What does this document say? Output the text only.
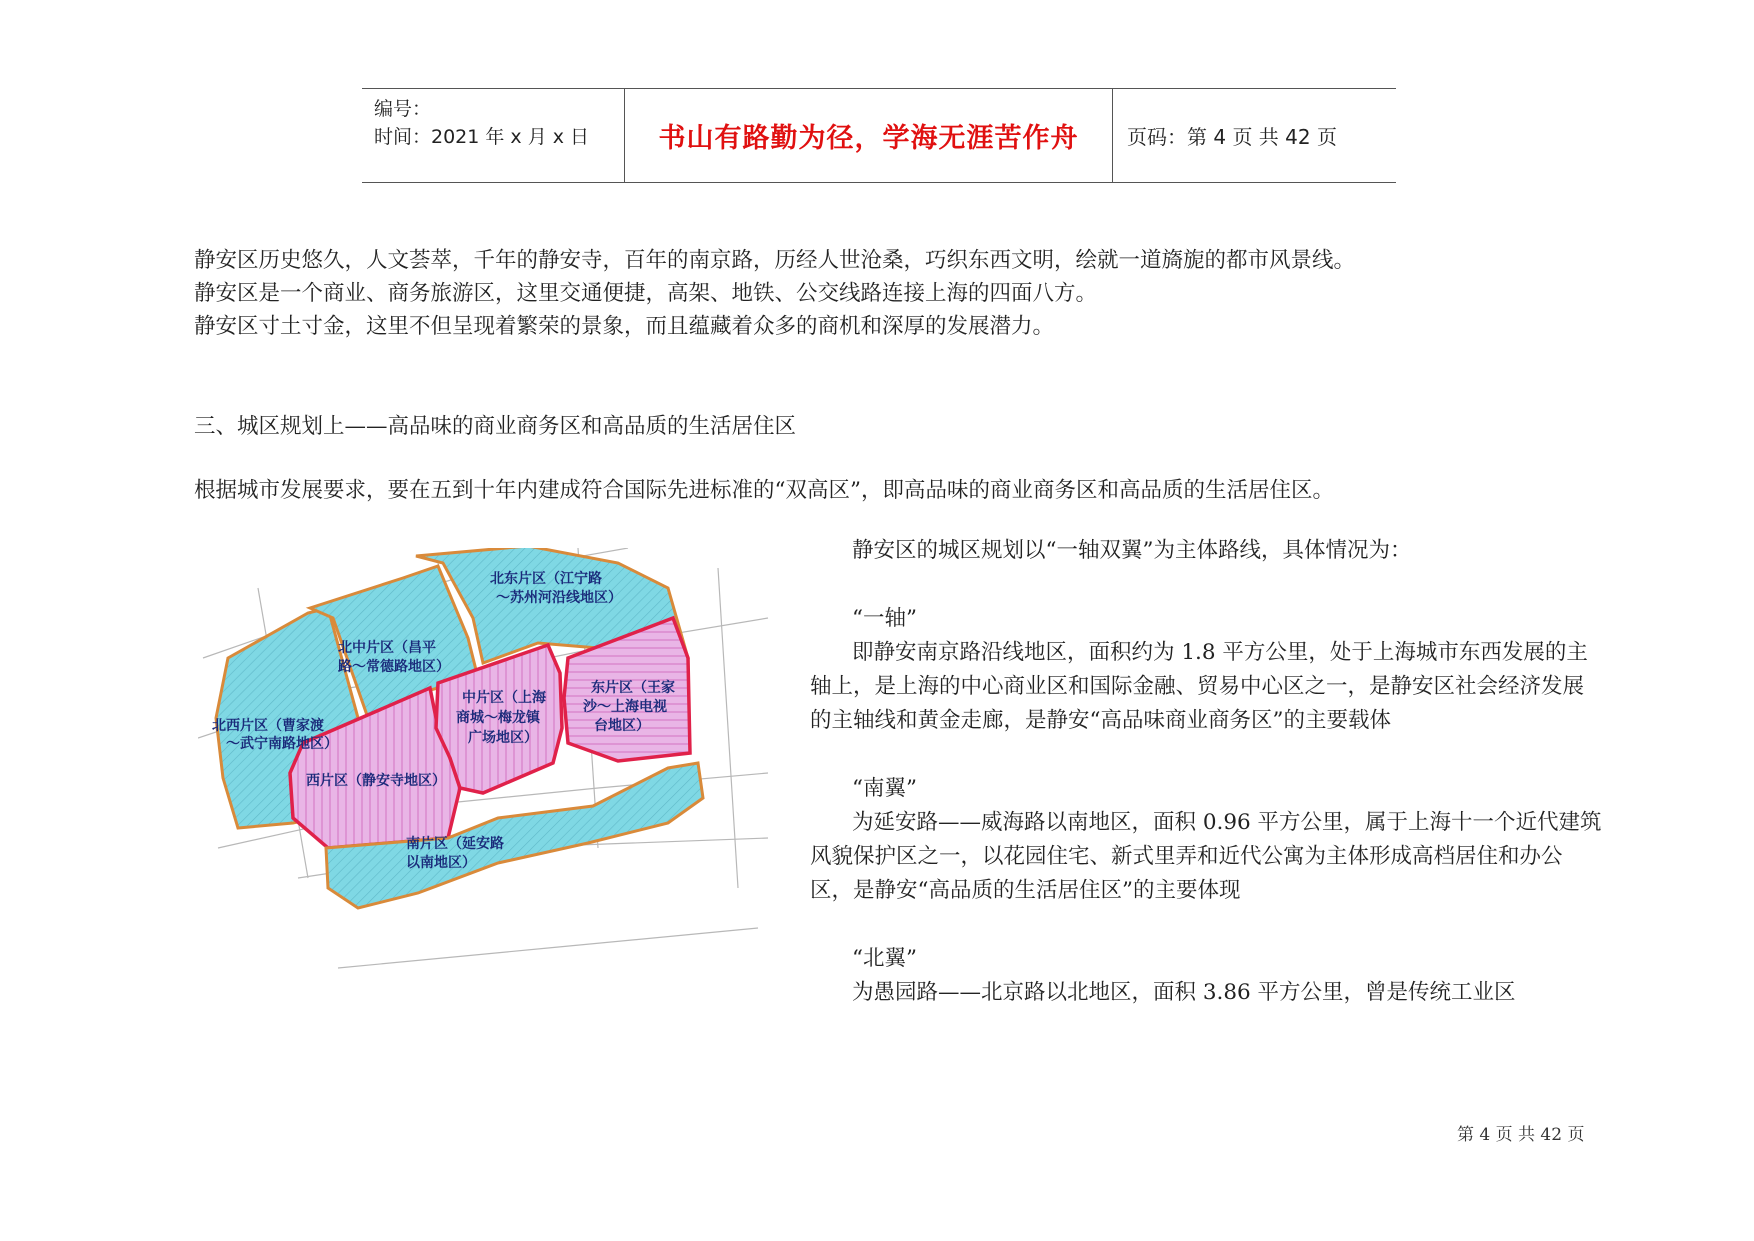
编号：
时间：2021 年 x 月 x 日	书山有路勤为径，学海无涯苦作舟	页码：第 4 页 共 42 页
静安区历史悠久，人文荟萃，千年的静安寺，百年的南京路，历经人世沧桑，巧织东西文明，绘就一道旖旎的都市风景线。
静安区是一个商业、商务旅游区，这里交通便捷，高架、地铁、公交线路连接上海的四面八方。
静安区寸土寸金，这里不但呈现着繁荣的景象，而且蕴藏着众多的商机和深厚的发展潜力。
三、城区规划上——高品味的商业商务区和高品质的生活居住区
根据城市发展要求，要在五到十年内建成符合国际先进标准的“双高区”，即高品味的商业商务区和高品质的生活居住区。
北西片区（曹家渡～武宁南路地区）
北中片区（昌平路～常德路地区）
北东片区（江宁路～苏州河沿线地区）
中片区（上海商城～梅龙镇广场地区）
东片区（王家沙～上海电视台地区）
西片区（静安寺地区）
南片区（延安路以南地区）

静安区的城区规划以“一轴双翼”为主体路线，具体情况为：

“一轴”

即静安南京路沿线地区，面积约为 1.8 平方公里，处于上海城市东西发展的主轴上，是上海的中心商业区和国际金融、贸易中心区之一，是静安区社会经济发展的主轴线和黄金走廊，是静安“高品味商业商务区”的主要载体

“南翼”

为延安路——威海路以南地区，面积 0.96 平方公里，属于上海十一个近代建筑风貌保护区之一，以花园住宅、新式里弄和近代公寓为主体形成高档居住和办公区，是静安“高品质的生活居住区”的主要体现

“北翼”

为愚园路——北京路以北地区，面积 3.86 平方公里，曾是传统工业区

第 4 页 共 42 页
